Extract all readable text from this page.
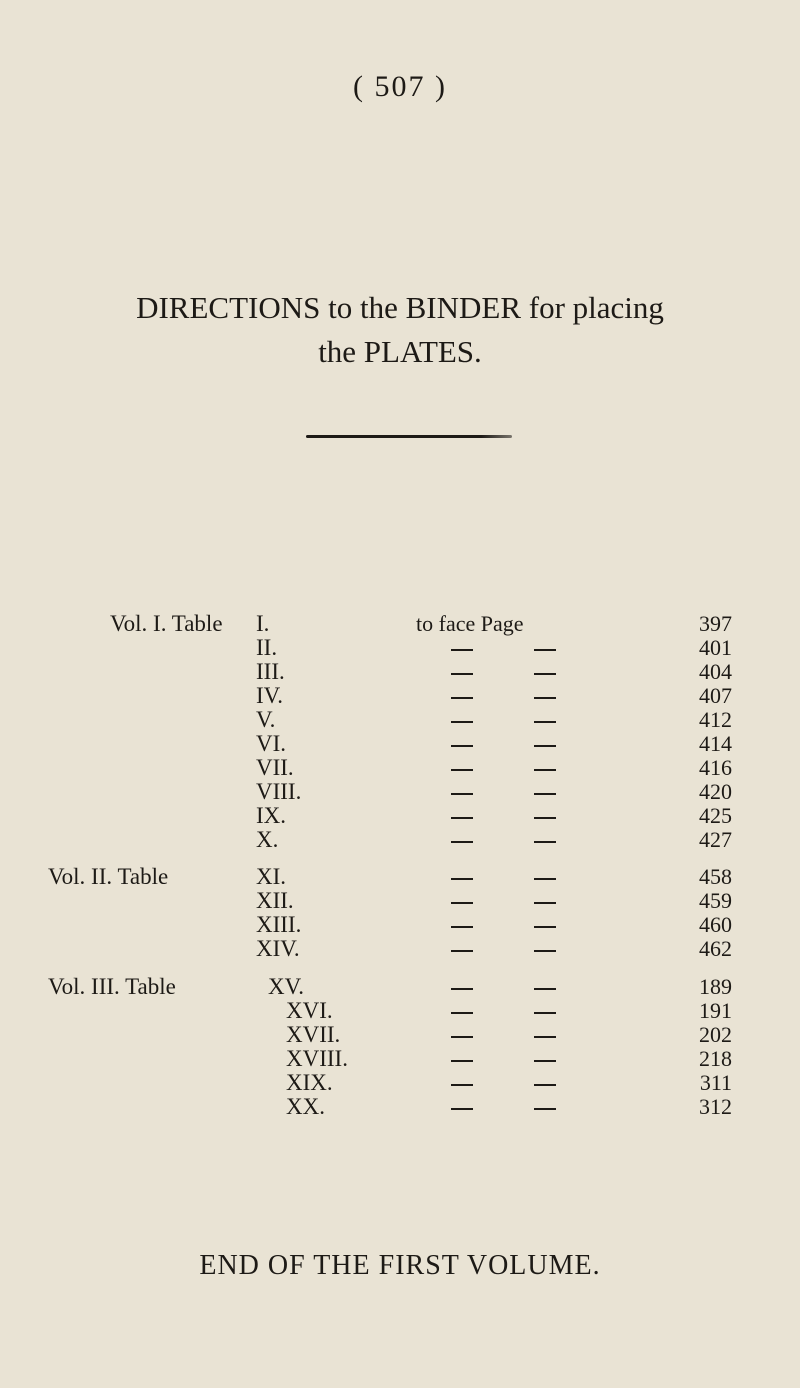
( 507 )
DIRECTIONS to the BINDER for placing
the PLATES.
Vol. I. Table I.	to face Page	397
II.	401
III.	404
IV.	407
V.	412
VI.	414
VII.	416
VIII.	420
IX.	425
X.	427
Vol. II. Table	XI.	458
XII.	459
XIII.	460
XIV.	462
Vol. III. Table	XV.	189
XVI.	191
XVII.	202
XVIII.	218
XIX.	311
XX.	312
END OF THE FIRST VOLUME.
